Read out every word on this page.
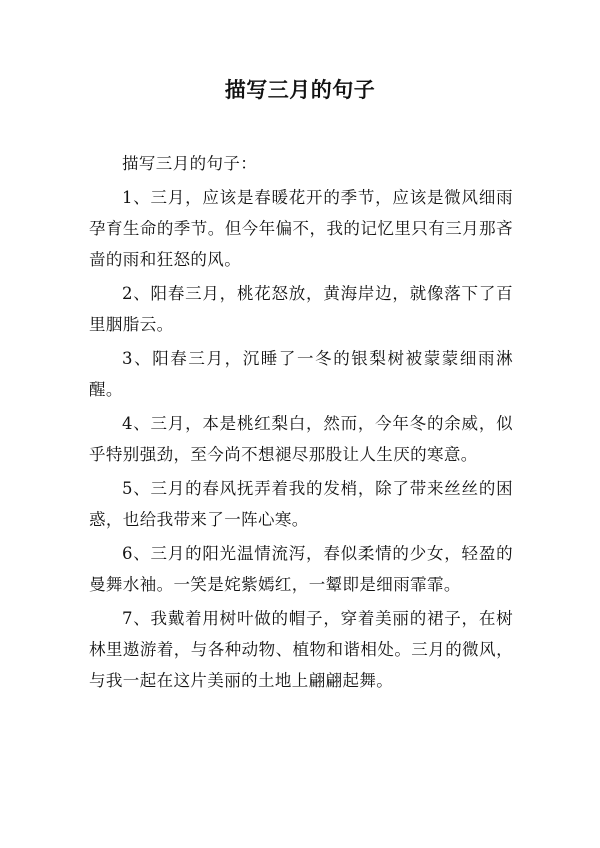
描写三月的句子

描写三月的句子：

1、三月，应该是春暖花开的季节，应该是微风细雨孕育生命的季节。但今年偏不，我的记忆里只有三月那吝啬的雨和狂怒的风。

2、阳春三月，桃花怒放，黄海岸边，就像落下了百里胭脂云。

3、阳春三月，沉睡了一冬的银梨树被蒙蒙细雨淋醒。

4、三月，本是桃红梨白，然而，今年冬的余威，似乎特别强劲，至今尚不想褪尽那股让人生厌的寒意。

5、三月的春风抚弄着我的发梢，除了带来丝丝的困惑，也给我带来了一阵心寒。

6、三月的阳光温情流泻，春似柔情的少女，轻盈的曼舞水袖。一笑是姹紫嫣红，一颦即是细雨霏霏。

7、我戴着用树叶做的帽子，穿着美丽的裙子，在树林里遨游着，与各种动物、植物和谐相处。三月的微风，与我一起在这片美丽的土地上翩翩起舞。
